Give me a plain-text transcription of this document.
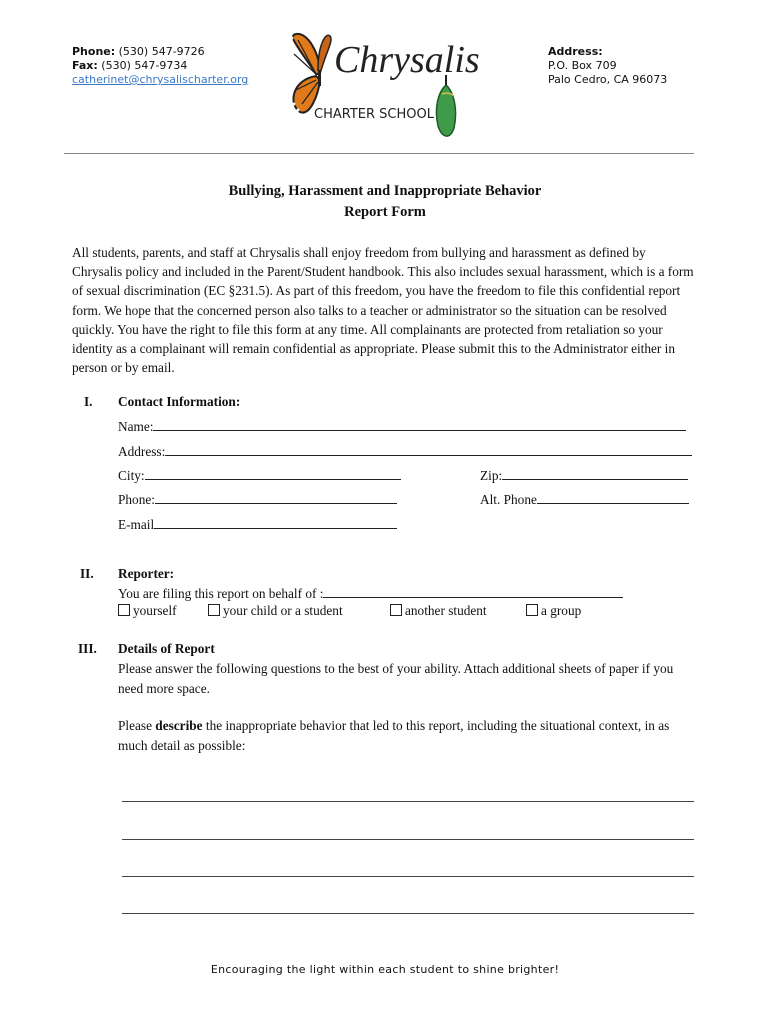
Phone: (530) 547-9726
Fax: (530) 547-9734
catherinet@chrysalischarter.org Chrysalis
CHARTER SCHOOL
Address:
P.O. Box 709
Palo Cedro, CA 96073
Bullying, Harassment and Inappropriate Behavior
Report Form
All students, parents, and staff at Chrysalis shall enjoy freedom from bullying and harassment as defined by Chrysalis policy and included in the Parent/Student handbook. This also includes sexual harassment, which is a form of sexual discrimination (EC §231.5). As part of this freedom, you have the freedom to file this confidential report form. We hope that the concerned person also talks to a teacher or administrator so the situation can be resolved quickly. You have the right to file this form at any time. All complainants are protected from retaliation so your identity as a complainant will remain confidential as appropriate. Please submit this to the Administrator either in person or by email.
I. Contact Information:
Name:
Address:
City:	Zip:
Phone:	Alt. Phone
E-mail
II. Reporter:
You are filing this report on behalf of :
yourself	your child or a student	another student	a group
III. Details of Report
Please answer the following questions to the best of your ability. Attach additional sheets of paper if you need more space.
Please describe the inappropriate behavior that led to this report, including the situational context, in as much detail as possible:
Encouraging the light within each student to shine brighter!
